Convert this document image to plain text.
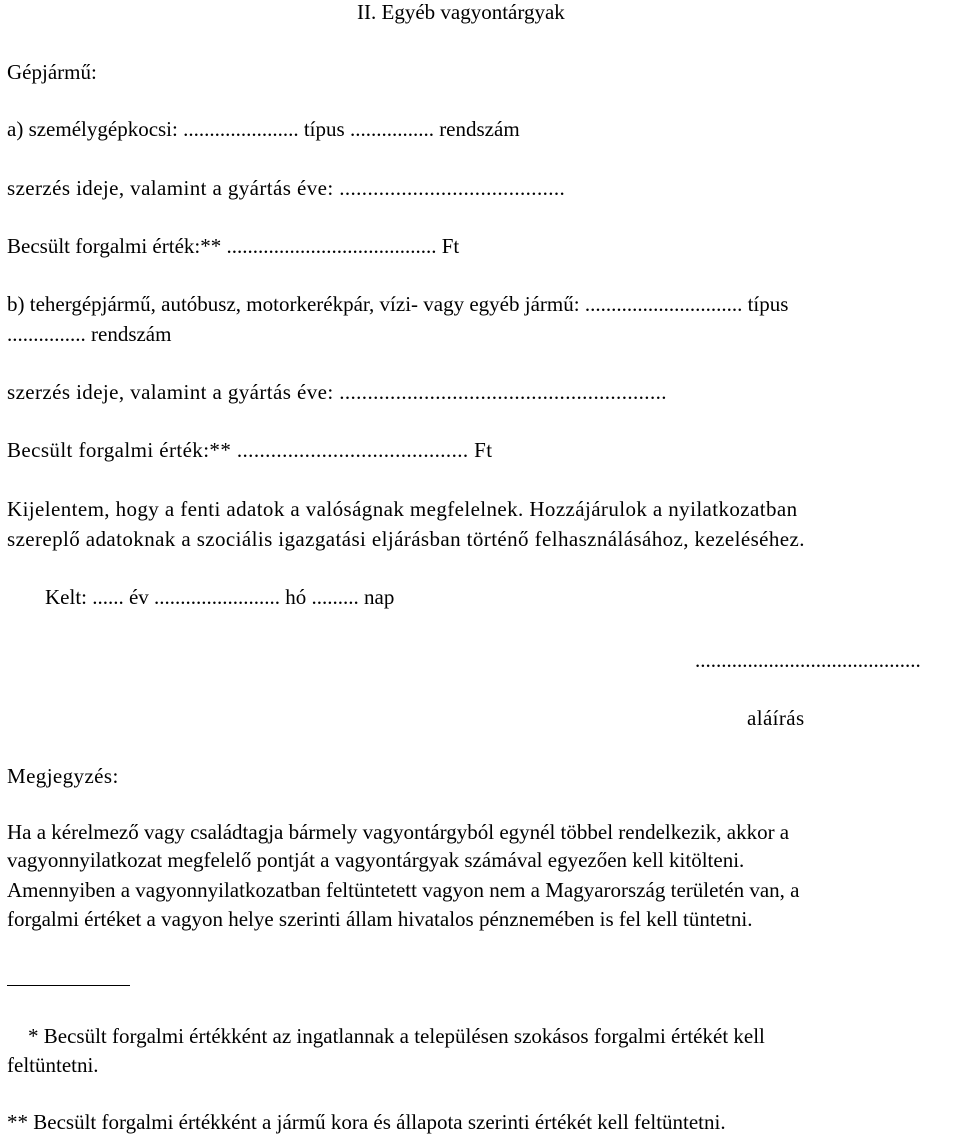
II. Egyéb vagyontárgyak

Gépjármű:

a) személygépkocsi: ...................... típus ................ rendszám

szerzés ideje, valamint a gyártás éve: ........................................

Becsült forgalmi érték:** ........................................ Ft

b) tehergépjármű, autóbusz, motorkerékpár, vízi- vagy egyéb jármű: .............................. típus

............... rendszám

szerzés ideje, valamint a gyártás éve: ..........................................................

Becsült forgalmi érték:** ......................................... Ft

Kijelentem, hogy a fenti adatok a valóságnak megfelelnek. Hozzájárulok a nyilatkozatban

szereplő adatoknak a szociális igazgatási eljárásban történő felhasználásához, kezeléséhez.

Kelt: ...... év ........................ hó ......... nap

...........................................

aláírás

Megjegyzés:

Ha a kérelmező vagy családtagja bármely vagyontárgyból egynél többel rendelkezik, akkor a

vagyonnyilatkozat megfelelő pontját a vagyontárgyak számával egyezően kell kitölteni.

Amennyiben a vagyonnyilatkozatban feltüntetett vagyon nem a Magyarország területén van, a

forgalmi értéket a vagyon helye szerinti állam hivatalos pénznemében is fel kell tüntetni.

* Becsült forgalmi értékként az ingatlannak a településen szokásos forgalmi értékét kell

feltüntetni.

** Becsült forgalmi értékként a jármű kora és állapota szerinti értékét kell feltüntetni.
